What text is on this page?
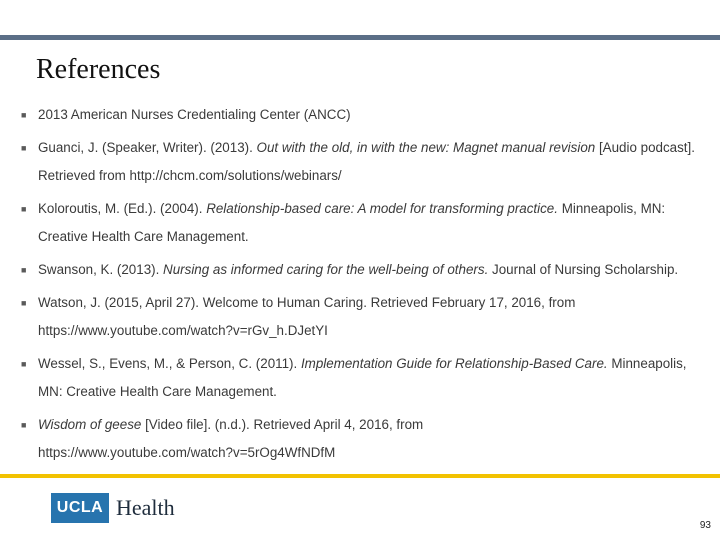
References
■ 2013 American Nurses Credentialing Center (ANCC)
■ Guanci, J. (Speaker, Writer). (2013). Out with the old, in with the new: Magnet manual revision [Audio podcast].
Retrieved from http://chcm.com/solutions/webinars/
■ Koloroutis, M. (Ed.). (2004). Relationship-based care: A model for transforming practice. Minneapolis, MN:
Creative Health Care Management.
■ Swanson, K. (2013). Nursing as informed caring for the well-being of others. Journal of Nursing Scholarship.
■ Watson, J. (2015, April 27). Welcome to Human Caring. Retrieved February 17, 2016, from
https://www.youtube.com/watch?v=rGv_h.DJetYI
■ Wessel, S., Evens, M., & Person, C. (2011). Implementation Guide for Relationship-Based Care. Minneapolis,
MN: Creative Health Care Management.
■ Wisdom of geese [Video file]. (n.d.). Retrieved April 4, 2016, from
https://www.youtube.com/watch?v=5rOg4WfNDfM
UCLA Health
93
